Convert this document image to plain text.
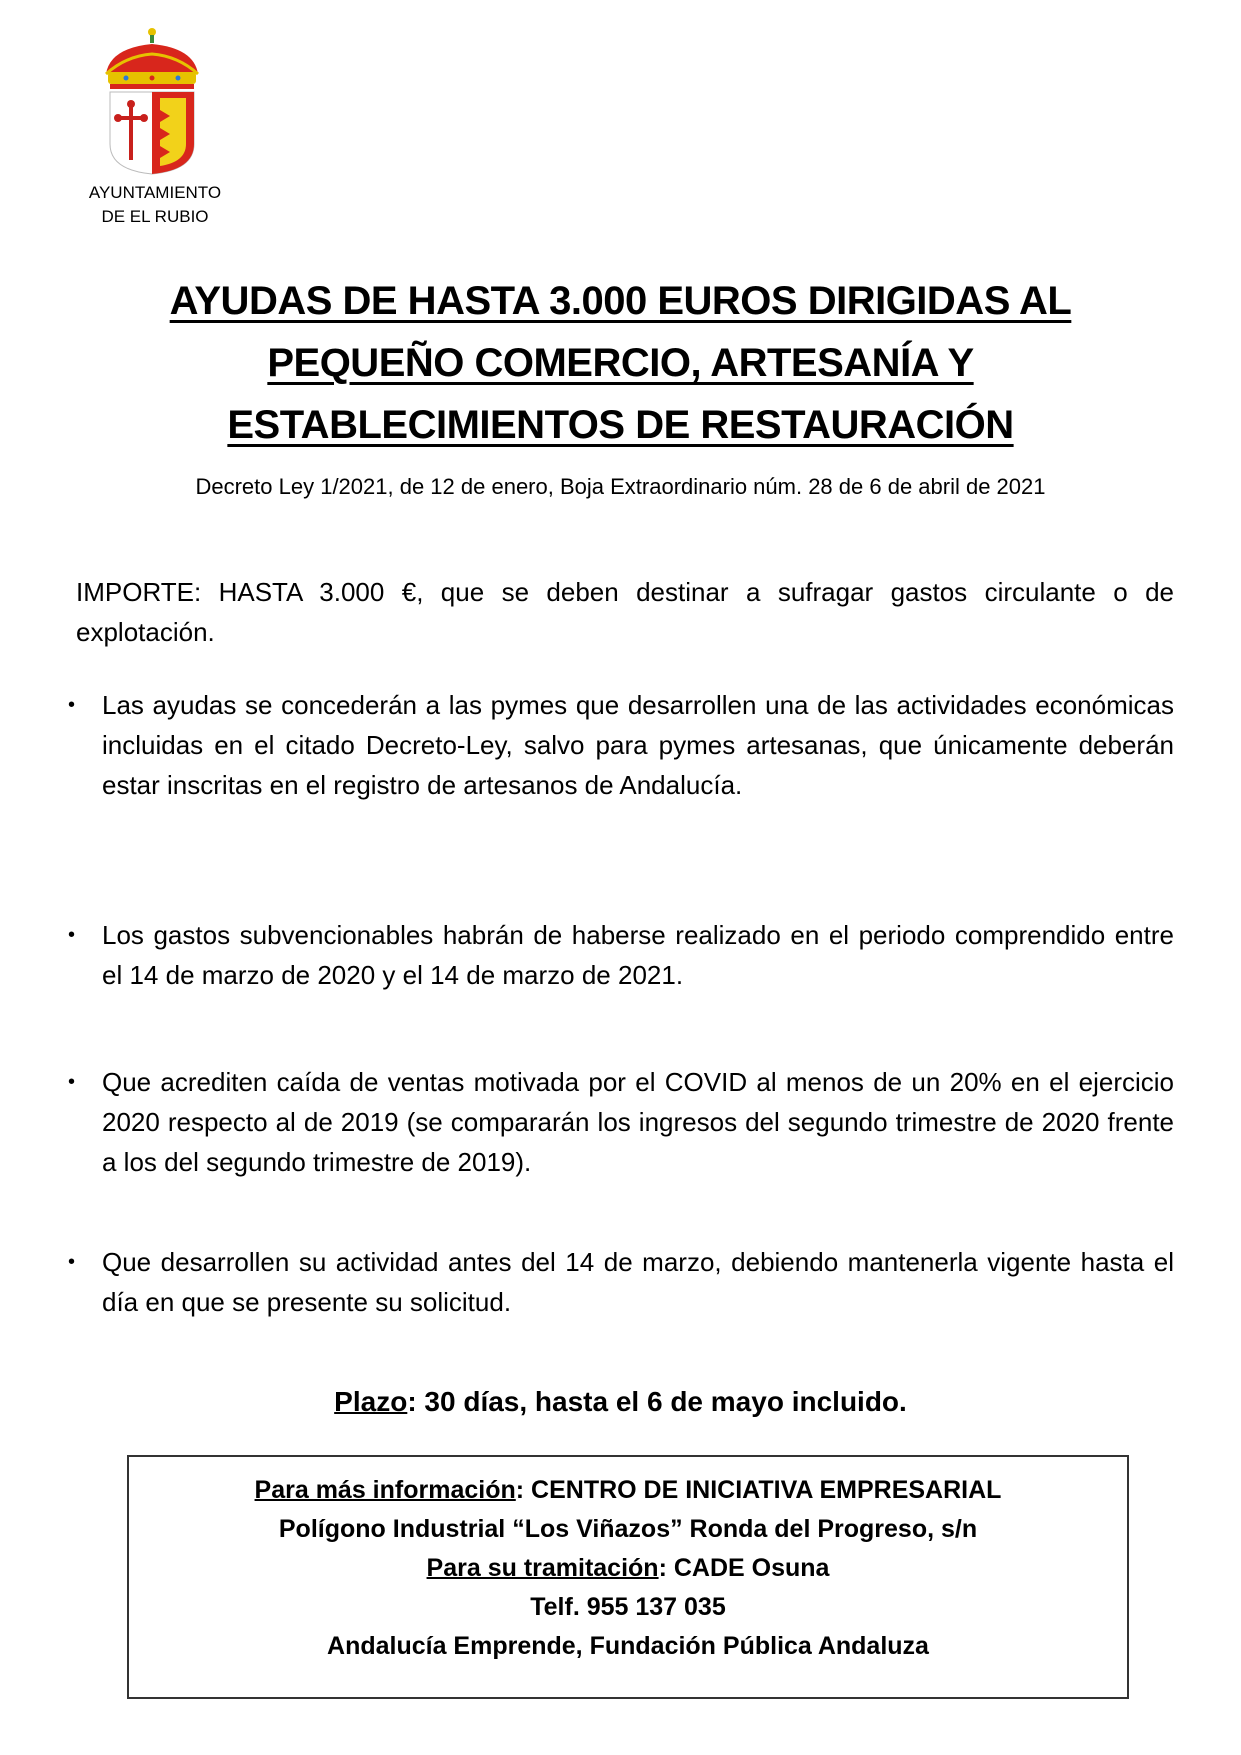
AYUNTAMIENTO
DE EL RUBIO
AYUDAS DE HASTA 3.000 EUROS DIRIGIDAS AL
PEQUEÑO COMERCIO, ARTESANÍA Y
ESTABLECIMIENTOS DE RESTAURACIÓN
Decreto Ley 1/2021, de 12 de enero, Boja Extraordinario núm. 28 de 6 de abril de 2021
IMPORTE: HASTA 3.000 €, que se deben destinar a sufragar gastos circulante o de explotación.
• Las ayudas se concederán a las pymes que desarrollen una de las actividades económicas incluidas en el citado Decreto-Ley, salvo para pymes artesanas, que únicamente deberán estar inscritas en el registro de artesanos de Andalucía.
• Los gastos subvencionables habrán de haberse realizado en el periodo comprendido entre el 14 de marzo de 2020 y el 14 de marzo de 2021.
• Que acrediten caída de ventas motivada por el COVID al menos de un 20% en el ejercicio 2020 respecto al de 2019 (se compararán los ingresos del segundo trimestre de 2020 frente a los del segundo trimestre de 2019).
• Que desarrollen su actividad antes del 14 de marzo, debiendo mantenerla vigente hasta el día en que se presente su solicitud.
Plazo: 30 días, hasta el 6 de mayo incluido.
Para más información: CENTRO DE INICIATIVA EMPRESARIAL
Polígono Industrial “Los Viñazos” Ronda del Progreso, s/n
Para su tramitación: CADE Osuna
Telf. 955 137 035
Andalucía Emprende, Fundación Pública Andaluza
